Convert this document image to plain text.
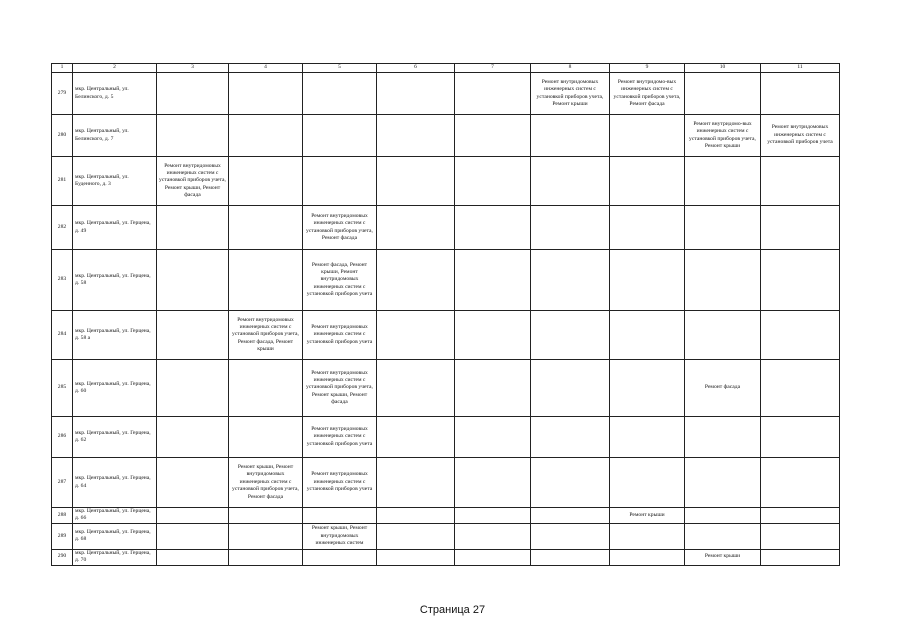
1	2	3	4	5	6	7	8	9	10	11
279	мкр. Центральный, ул. Белинского, д. 5						Ремонт внутридомовых инженерных систем с установкой приборов учета, Ремонт крыши	Ремонт внутридомо-вых инженерных систем с установкой приборов учета, Ремонт фасада		
280	мкр. Центральный, ул. Белинского, д. 7								Ремонт внутридомо-вых инженерных систем с установкой приборов учета, Ремонт крыши	Ремонт внутридомовых инженерных систем с установкой приборов учета
281	мкр. Центральный, ул. Буденного, д. 3	Ремонт внутридомовых инженерных систем с установкой приборов учета, Ремонт крыши, Ремонт фасада								
282	мкр. Центральный, ул. Герцена, д. 49			Ремонт внутридомовых инженерных систем с установкой приборов учета, Ремонт фасада						
283	мкр. Центральный, ул. Герцена, д. 58			Ремонт фасада, Ремонт крыши, Ремонт внутридомовых инженерных систем с установкой приборов учета						
284	мкр. Центральный, ул. Герцена, д. 58 а		Ремонт внутридомовых инженерных систем с установкой приборов учета, Ремонт фасада, Ремонт крыши	Ремонт внутридомовых инженерных систем с установкой приборов учета						
285	мкр. Центральный, ул. Герцена, д. 60			Ремонт внутридомовых инженерных систем с установкой приборов учета, Ремонт крыши, Ремонт фасада					Ремонт фасада	
286	мкр. Центральный, ул. Герцена, д. 62			Ремонт внутридомовых инженерных систем с установкой приборов учета						
287	мкр. Центральный, ул. Герцена, д. 64		Ремонт крыши, Ремонт внутридомовых инженерных систем с установкой приборов учета, Ремонт фасада	Ремонт внутридомовых инженерных систем с установкой приборов учета						
288	мкр. Центральный, ул. Герцена, д. 66							Ремонт крыши		
289	мкр. Центральный, ул. Герцена, д. 68			Ремонт крыши, Ремонт внутридомовых инженерных систем						
290	мкр. Центральный, ул. Герцена, д. 70								Ремонт крыши	
Страница 27
